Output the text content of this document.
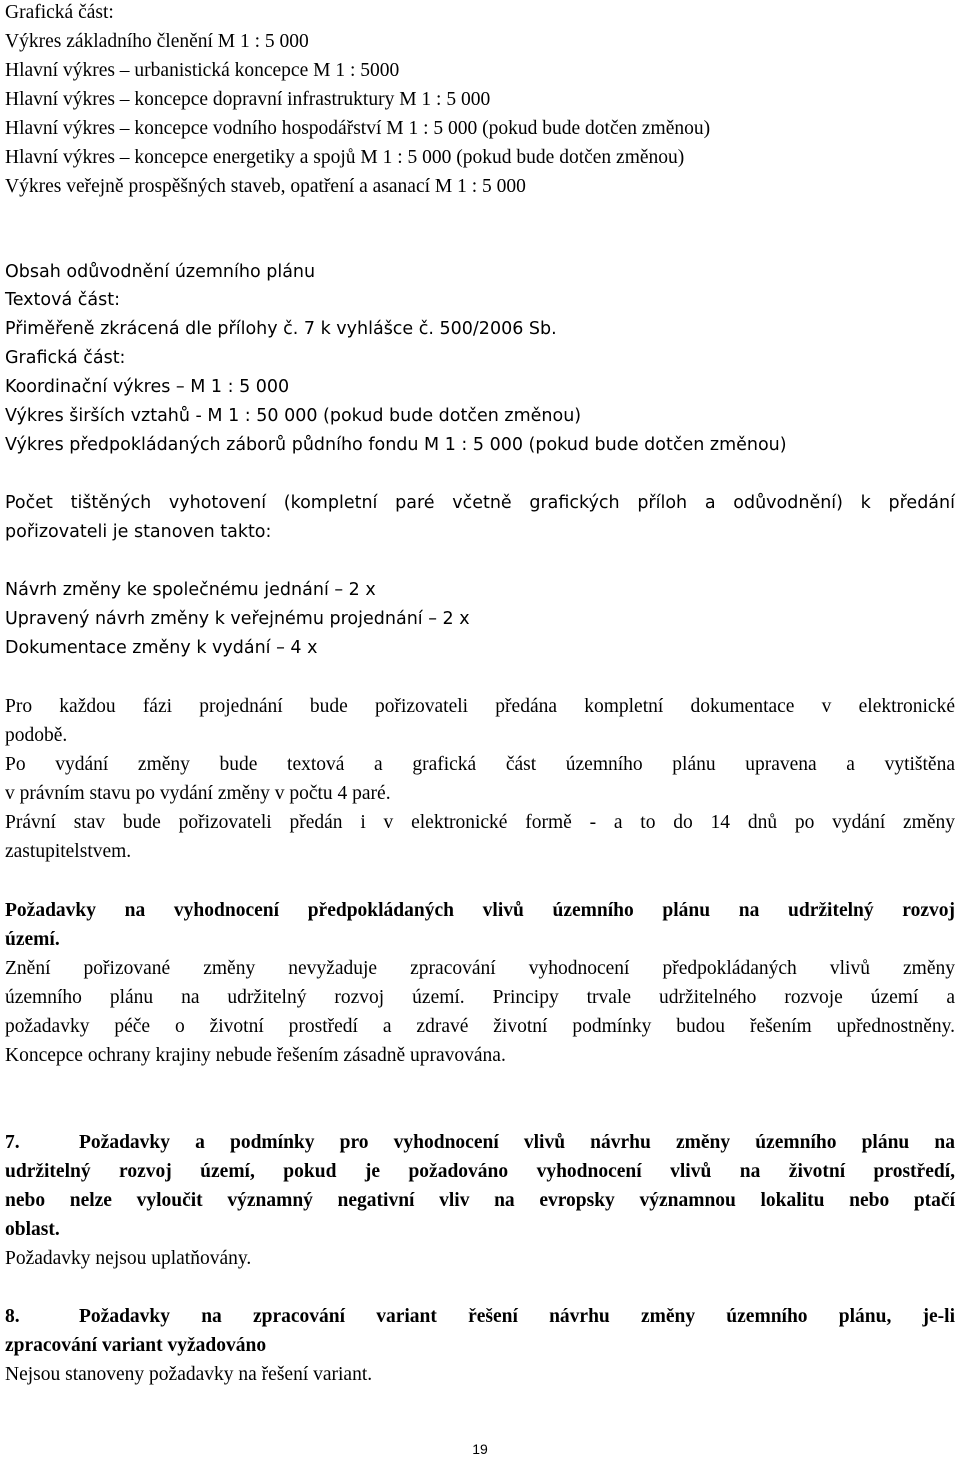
Grafická část:
Výkres základního členění M 1 : 5 000
Hlavní výkres – urbanistická koncepce M 1 : 5000
Hlavní výkres – koncepce dopravní infrastruktury M 1 : 5 000
Hlavní výkres – koncepce vodního hospodářství M 1 : 5 000 (pokud bude dotčen změnou)
Hlavní výkres – koncepce energetiky a spojů M 1 : 5 000 (pokud bude dotčen změnou)
Výkres veřejně prospěšných staveb, opatření a asanací M 1 : 5 000
Obsah odůvodnění územního plánu
Textová část:
Přiměřeně zkrácená dle přílohy č. 7 k vyhlášce č. 500/2006 Sb.
Grafická část:
Koordinační výkres – M 1 : 5 000
Výkres širších vztahů - M 1 : 50 000 (pokud bude dotčen změnou)
Výkres předpokládaných záborů půdního fondu M 1 : 5 000 (pokud bude dotčen změnou)
Počet tištěných vyhotovení (kompletní paré včetně grafických příloh a odůvodnění) k předání
pořizovateli je stanoven takto:
Návrh změny ke společnému jednání – 2 x
Upravený návrh změny k veřejnému projednání – 2 x
Dokumentace změny k vydání – 4 x
Pro každou fázi projednání bude pořizovateli předána kompletní dokumentace v elektronické
podobě.
Po vydání změny bude textová a grafická část územního plánu upravena a vytištěna
v právním stavu po vydání změny v počtu 4 paré.
Právní stav bude pořizovateli předán i v elektronické formě - a to do 14 dnů po vydání změny
zastupitelstvem.
Požadavky na vyhodnocení předpokládaných vlivů územního plánu na udržitelný rozvoj
území.
Znění pořizované změny nevyžaduje zpracování vyhodnocení předpokládaných vlivů změny
územního plánu na udržitelný rozvoj území. Principy trvale udržitelného rozvoje území a
požadavky péče o životní prostředí a zdravé životní podmínky budou řešením upřednostněny.
Koncepce ochrany krajiny nebude řešením zásadně upravována.
7.	Požadavky a podmínky pro vyhodnocení vlivů návrhu změny územního plánu na
udržitelný rozvoj území, pokud je požadováno vyhodnocení vlivů na životní prostředí,
nebo nelze vyloučit významný negativní vliv na evropsky významnou lokalitu nebo ptačí
oblast.
Požadavky nejsou uplatňovány.
8.	Požadavky na zpracování variant řešení návrhu změny územního plánu, je-li
zpracování variant vyžadováno
Nejsou stanoveny požadavky na řešení variant.
19
